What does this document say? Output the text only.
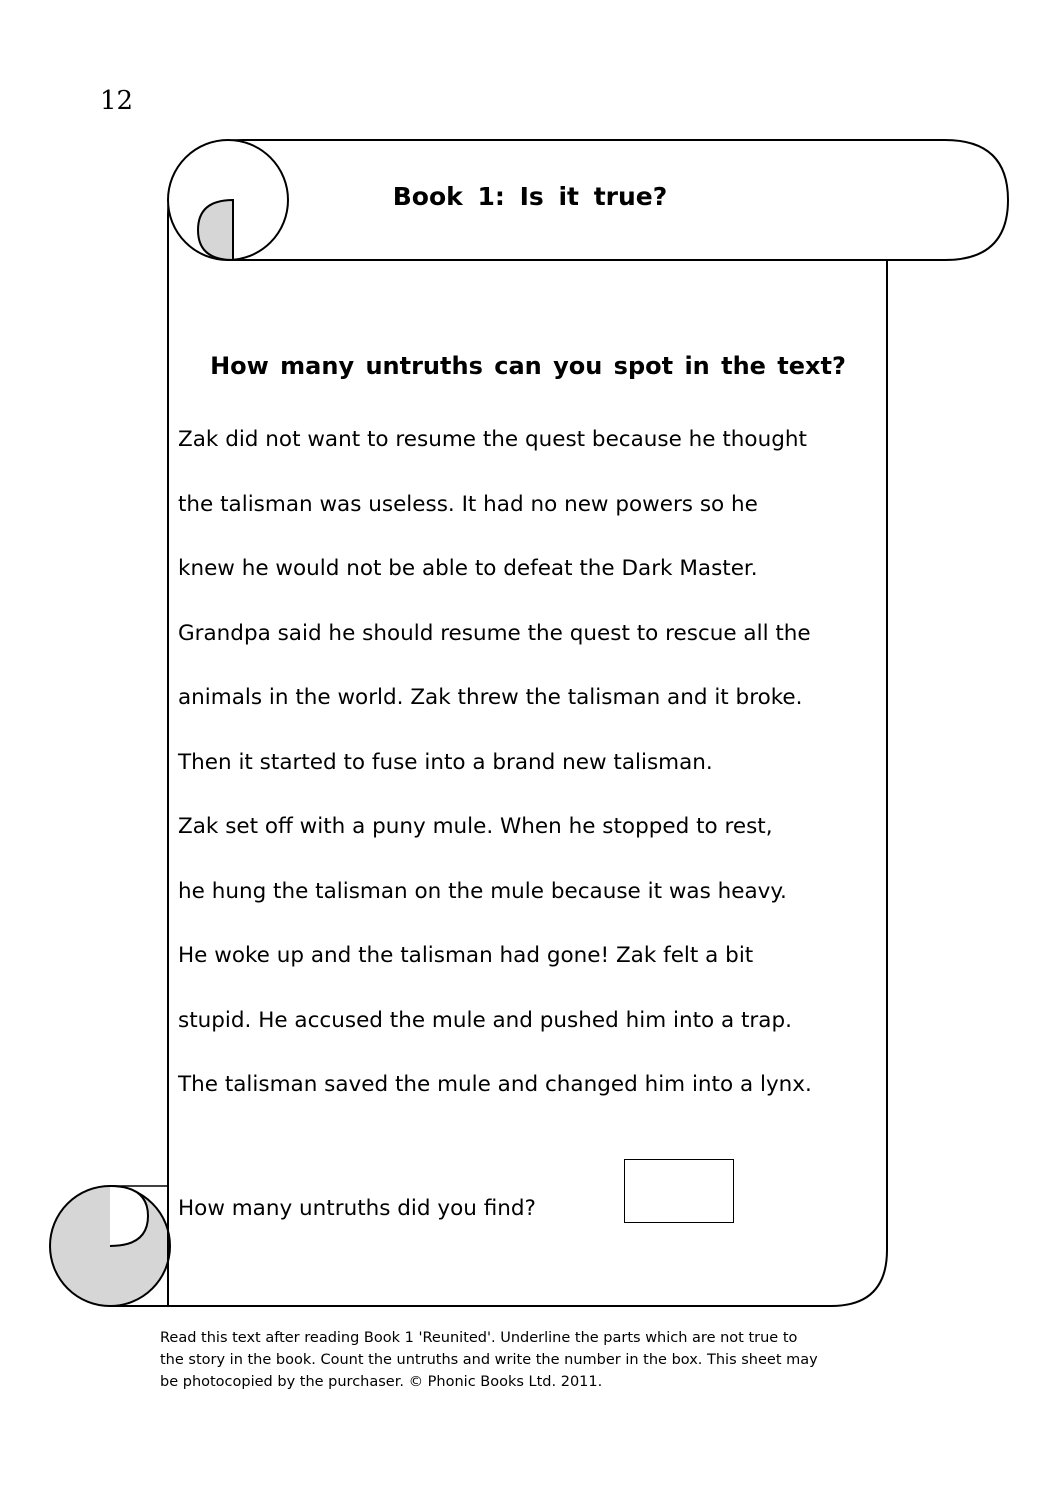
12
Book 1: Is it true?
How many untruths can you spot in the text?
Zak did not want to resume the quest because he thought
the talisman was useless. It had no new powers so he
knew he would not be able to defeat the Dark Master.
Grandpa said he should resume the quest to rescue all the
animals in the world. Zak threw the talisman and it broke.
Then it started to fuse into a brand new talisman.
Zak set off with a puny mule. When he stopped to rest,
he hung the talisman on the mule because it was heavy.
He woke up and the talisman had gone! Zak felt a bit
stupid. He accused the mule and pushed him into a trap.
The talisman saved the mule and changed him into a lynx.
How many untruths did you find?
Read this text after reading Book 1 'Reunited'. Underline the parts which are not true to
the story in the book. Count the untruths and write the number in the box. This sheet may
be photocopied by the purchaser. © Phonic Books Ltd. 2011.
